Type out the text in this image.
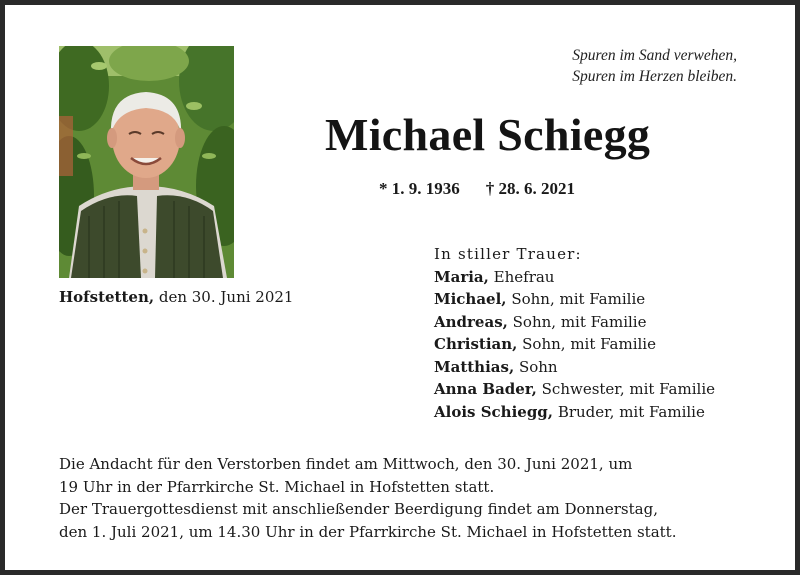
Spuren im Sand verwehen,
Spuren im Herzen bleiben.
Michael Schiegg
* 1. 9. 1936 † 28. 6. 2021
Hofstetten, den 30. Juni 2021
In stiller Trauer:
Maria, Ehefrau
Michael, Sohn, mit Familie
Andreas, Sohn, mit Familie
Christian, Sohn, mit Familie
Matthias, Sohn
Anna Bader, Schwester, mit Familie
Alois Schiegg, Bruder, mit Familie
Die Andacht für den Verstorben findet am Mittwoch, den 30. Juni 2021, um
19 Uhr in der Pfarrkirche St. Michael in Hofstetten statt.
Der Trauergottesdienst mit anschließender Beerdigung findet am Donnerstag,
den 1. Juli 2021, um 14.30 Uhr in der Pfarrkirche St. Michael in Hofstetten statt.
